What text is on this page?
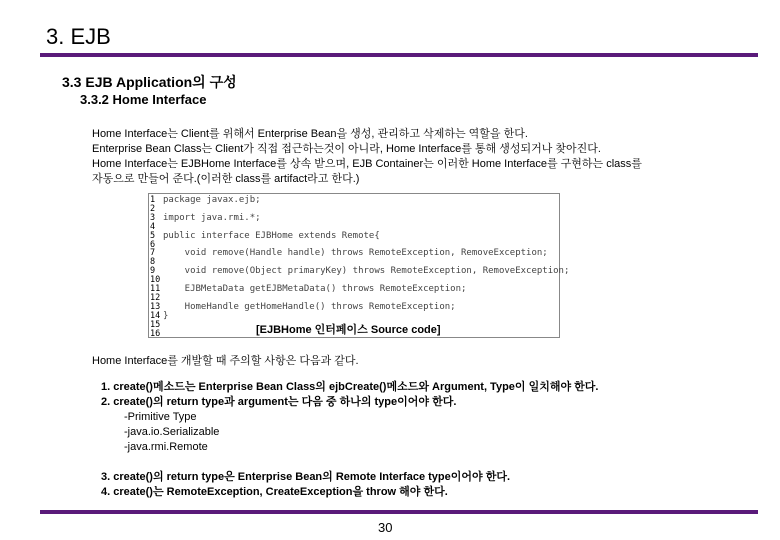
3. EJB
3.3 EJB Application의 구성
3.3.2 Home Interface
Home Interface는 Client를 위해서 Enterprise Bean을 생성, 관리하고 삭제하는 역할을 한다.
Enterprise Bean Class는 Client가 직접 접근하는것이 아니라, Home Interface를 통해 생성되거나 찾아진다.
Home Interface는 EJBHome Interface를 상속 받으며, EJB Container는 이러한 Home Interface를 구현하는 class를
자동으로 만들어 준다.(이러한 class를 artifact라고 한다.)
1 package javax.ejb;
2
3 import java.rmi.*;
4
5 public interface EJBHome extends Remote{
6
7 void remove(Handle handle) throws RemoteException, RemoveException;
8
9 void remove(Object primaryKey) throws RemoteException, RemoveException;
10
11 EJBMetaData getEJBMetaData() throws RemoteException;
12
13 HomeHandle getHomeHandle() throws RemoteException;
14 }
15
16	[EJBHome 인터페이스 Source code]
Home Interface를 개발할 때 주의할 사항은 다음과 같다.
1. create()메소드는 Enterprise Bean Class의 ejbCreate()메소드와 Argument, Type이 일치해야 한다.
2. create()의 return type과 argument는 다음 중 하나의 type이어야 한다.
-Primitive Type
-java.io.Serializable
-java.rmi.Remote
3. create()의 return type은 Enterprise Bean의 Remote Interface type이어야 한다.
4. create()는 RemoteException, CreateException을 throw 해야 한다.
30
